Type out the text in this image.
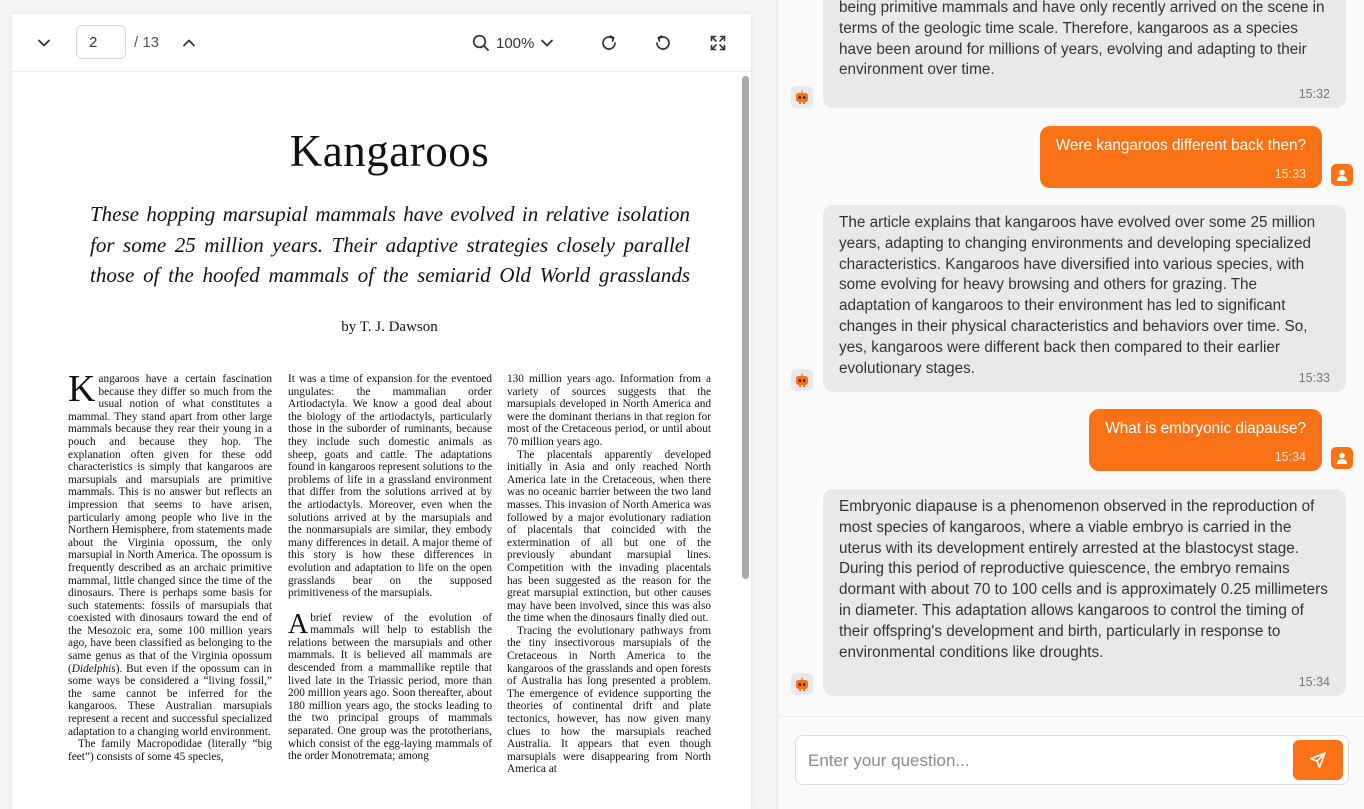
2
/ 13	100%
Kangaroos

These hopping marsupial mammals have evolved in relative isolation for some 25 million years. Their adaptive strategies closely parallel those of the hoofed mammals of the semiarid Old World grasslands

by T. J. Dawson

Kangaroos have a certain fascination because they differ so much from the usual notion of what constitutes a mammal. They stand apart from other large mammals because they rear their young in a pouch and because they hop. The explanation often given for these odd characteristics is simply that kangaroos are marsupials and marsupials are primitive mammals. This is no answer but reflects an impression that seems to have arisen, particularly among people who live in the Northern Hemisphere, from statements made about the Virginia opossum, the only marsupial in North America. The opossum is frequently described as an archaic primitive mammal, little changed since the time of the dinosaurs. There is perhaps some basis for such statements: fossils of marsupials that coexisted with dinosaurs toward the end of the Mesozoic era, some 100 million years ago, have been classified as belonging to the same genus as that of the Virginia opossum (Didelphis). But even if the opossum can in some ways be considered a “living fossil,” the same cannot be inferred for the kangaroos. These Australian marsupials represent a recent and successful specialized adaptation to a changing world environment.

The family Macropodidae (literally “big feet”) consists of some 45 species,

It was a time of expansion for the eventoed ungulates: the mammalian order Artiodactyla. We know a good deal about the biology of the artiodactyls, particularly those in the suborder of ruminants, because they include such domestic animals as sheep, goats and cattle. The adaptations found in kangaroos represent solutions to the problems of life in a grassland environment that differ from the solutions arrived at by the artiodactyls. Moreover, even when the solutions arrived at by the marsupials and the nonmarsupials are similar, they embody many differences in detail. A major theme of this story is how these differences in evolution and adaptation to life on the open grasslands bear on the supposed primitiveness of the marsupials.

A brief review of the evolution of mammals will help to establish the relations between the marsupials and other mammals. It is believed all mammals are descended from a mammallike reptile that lived late in the Triassic period, more than 200 million years ago. Soon thereafter, about 180 million years ago, the stocks leading to the two principal groups of mammals separated. One group was the prototherians, which consist of the egg-laying mammals of the order Monotremata; among

130 million years ago. Information from a variety of sources suggests that the marsupials developed in North America and were the dominant therians in that region for most of the Cretaceous period, or until about 70 million years ago.

The placentals apparently developed initially in Asia and only reached North America late in the Cretaceous, when there was no oceanic barrier between the two land masses. This invasion of North America was followed by a major evolutionary radiation of placentals that coincided with the extermination of all but one of the previously abundant marsupial lines. Competition with the invading placentals has been suggested as the reason for the great marsupial extinction, but other causes may have been involved, since this was also the time when the dinosaurs finally died out.

Tracing the evolutionary pathways from the tiny insectivorous marsupials of the Cretaceous in North America to the kangaroos of the grasslands and open forests of Australia has long presented a problem. The emergence of evidence supporting the theories of continental drift and plate tectonics, however, has now given many clues to how the marsupials reached Australia. It appears that even though marsupials were disappearing from North America at

being primitive mammals and have only recently arrived on the scene in terms of the geologic time scale. Therefore, kangaroos as a species have been around for millions of years, evolving and adapting to their environment over time.
15:32
Were kangaroos different back then?
15:33
The article explains that kangaroos have evolved over some 25 million years, adapting to changing environments and developing specialized characteristics. Kangaroos have diversified into various species, with some evolving for heavy browsing and others for grazing. The adaptation of kangaroos to their environment has led to significant changes in their physical characteristics and behaviors over time. So, yes, kangaroos were different back then compared to their earlier evolutionary stages.
15:33
What is embryonic diapause?
15:34
Embryonic diapause is a phenomenon observed in the reproduction of most species of kangaroos, where a viable embryo is carried in the uterus with its development entirely arrested at the blastocyst stage. During this period of reproductive quiescence, the embryo remains dormant with about 70 to 100 cells and is approximately 0.25 millimeters in diameter. This adaptation allows kangaroos to control the timing of their offspring's development and birth, particularly in response to environmental conditions like droughts.
15:34
Enter your question...
